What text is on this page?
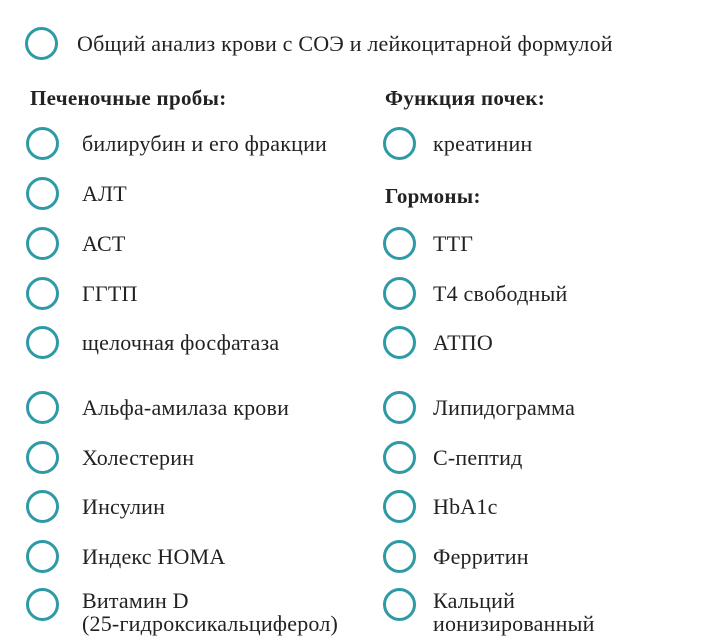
Общий анализ крови с СОЭ и лейкоцитарной формулой
Печеночные пробы:	Функция почек:
билирубин и его фракции
АЛТ
АСТ
ГГТП
щелочная фосфатаза
Альфа-амилаза крови
Холестерин
Инсулин
Индекс HOMA
Витамин D
(25-гидроксикальциферол)
креатинин
Гормоны:
ТТГ
Т4 свободный
АТПО
Липидограмма
С-пептид
HbA1c
Ферритин
Кальций
ионизированный
